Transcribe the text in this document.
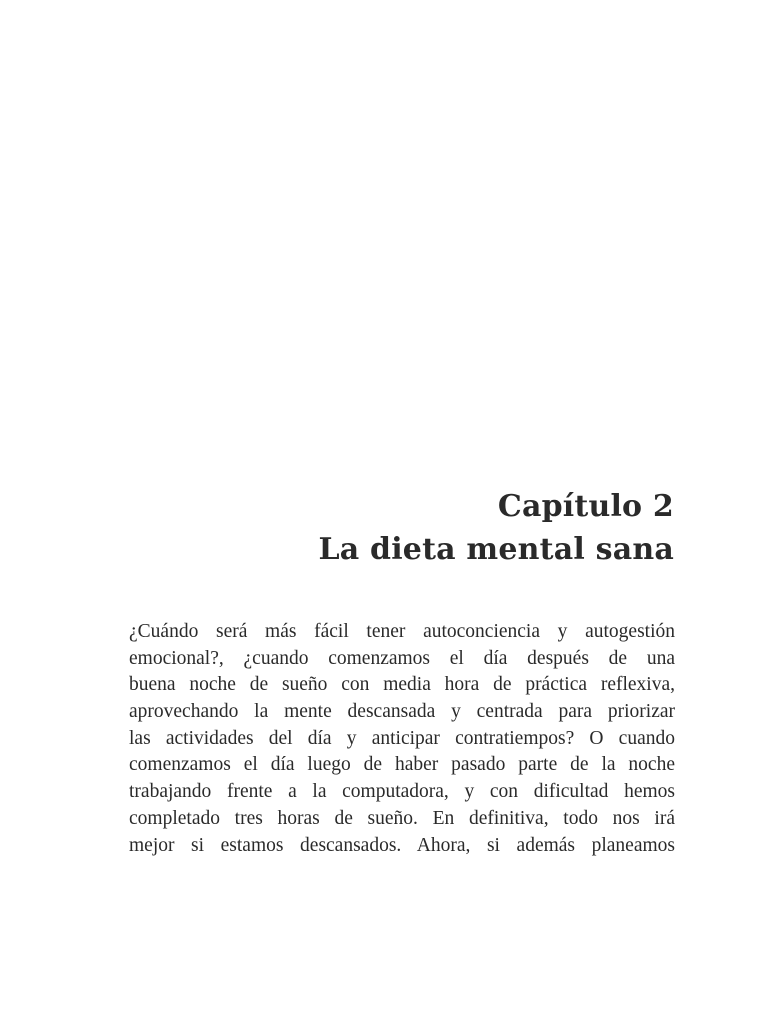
Capítulo 2
La dieta mental sana
¿Cuándo será más fácil tener autoconciencia y autogestión
emocional?, ¿cuando comenzamos el día después de una
buena noche de sueño con media hora de práctica reflexiva,
aprovechando la mente descansada y centrada para priorizar
las actividades del día y anticipar contratiempos? O cuando
comenzamos el día luego de haber pasado parte de la noche
trabajando frente a la computadora, y con dificultad hemos
completado tres horas de sueño. En definitiva, todo nos irá
mejor si estamos descansados. Ahora, si además planeamos
